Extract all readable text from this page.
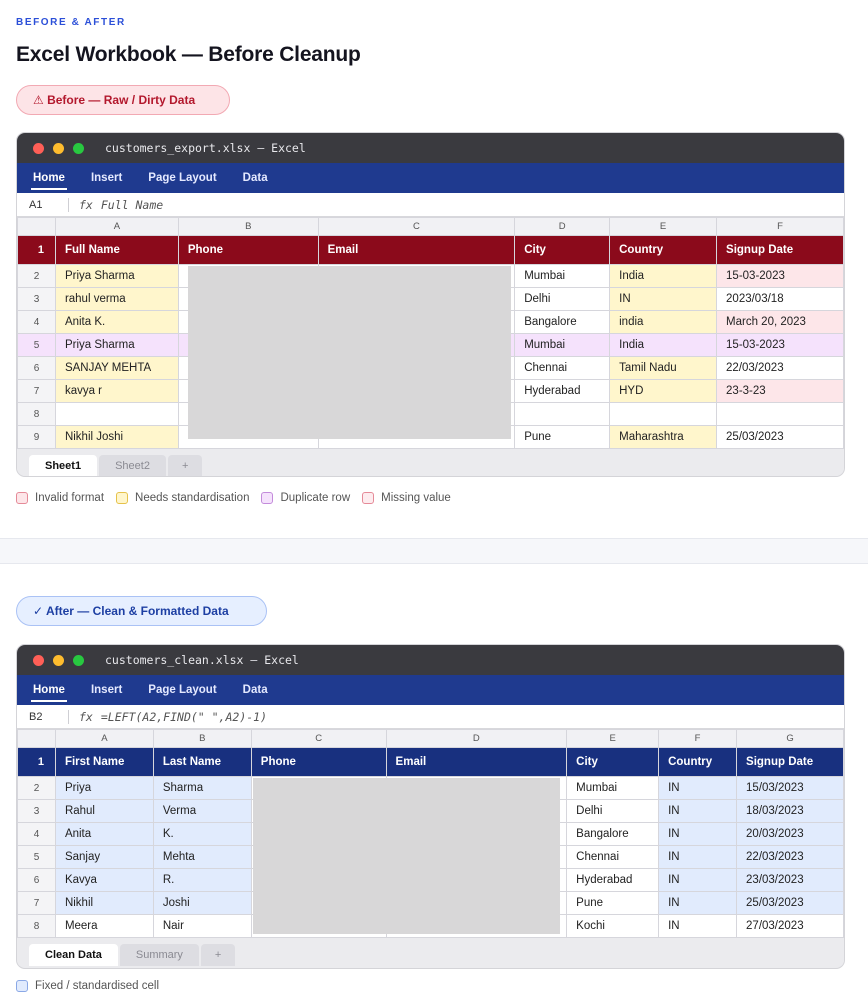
BEFORE & AFTER
Excel Workbook — Before Cleanup
⚠ Before — Raw / Dirty Data
customers_export.xlsx — Excel
Home Insert Page Layout Data
A1	fx Full Name
	A	B	C	D	E	F
1	Full Name	Phone	Email	City	Country	Signup Date
2	Priya Sharma			Mumbai	India	15-03-2023
3	rahul verma			Delhi	IN	2023/03/18
4	Anita K.			Bangalore	india	March 20, 2023
5	Priya Sharma			Mumbai	India	15-03-2023
6	SANJAY MEHTA			Chennai	Tamil Nadu	22/03/2023
7	kavya r			Hyderabad	HYD	23-3-23
8						
9	Nikhil Joshi			Pune	Maharashtra	25/03/2023
Sheet1	Sheet2	+
Invalid format	Needs standardisation	Duplicate row	Missing value
✓ After — Clean & Formatted Data
customers_clean.xlsx — Excel
Home Insert Page Layout Data
B2	fx =LEFT(A2,FIND(" ",A2)-1)
	A	B	C	D	E	F	G
1	First Name	Last Name	Phone	Email	City	Country	Signup Date
2	Priya	Sharma			Mumbai	IN	15/03/2023
3	Rahul	Verma			Delhi	IN	18/03/2023
4	Anita	K.			Bangalore	IN	20/03/2023
5	Sanjay	Mehta			Chennai	IN	22/03/2023
6	Kavya	R.			Hyderabad	IN	23/03/2023
7	Nikhil	Joshi			Pune	IN	25/03/2023
8	Meera	Nair			Kochi	IN	27/03/2023
Clean Data	Summary	+
Fixed / standardised cell
